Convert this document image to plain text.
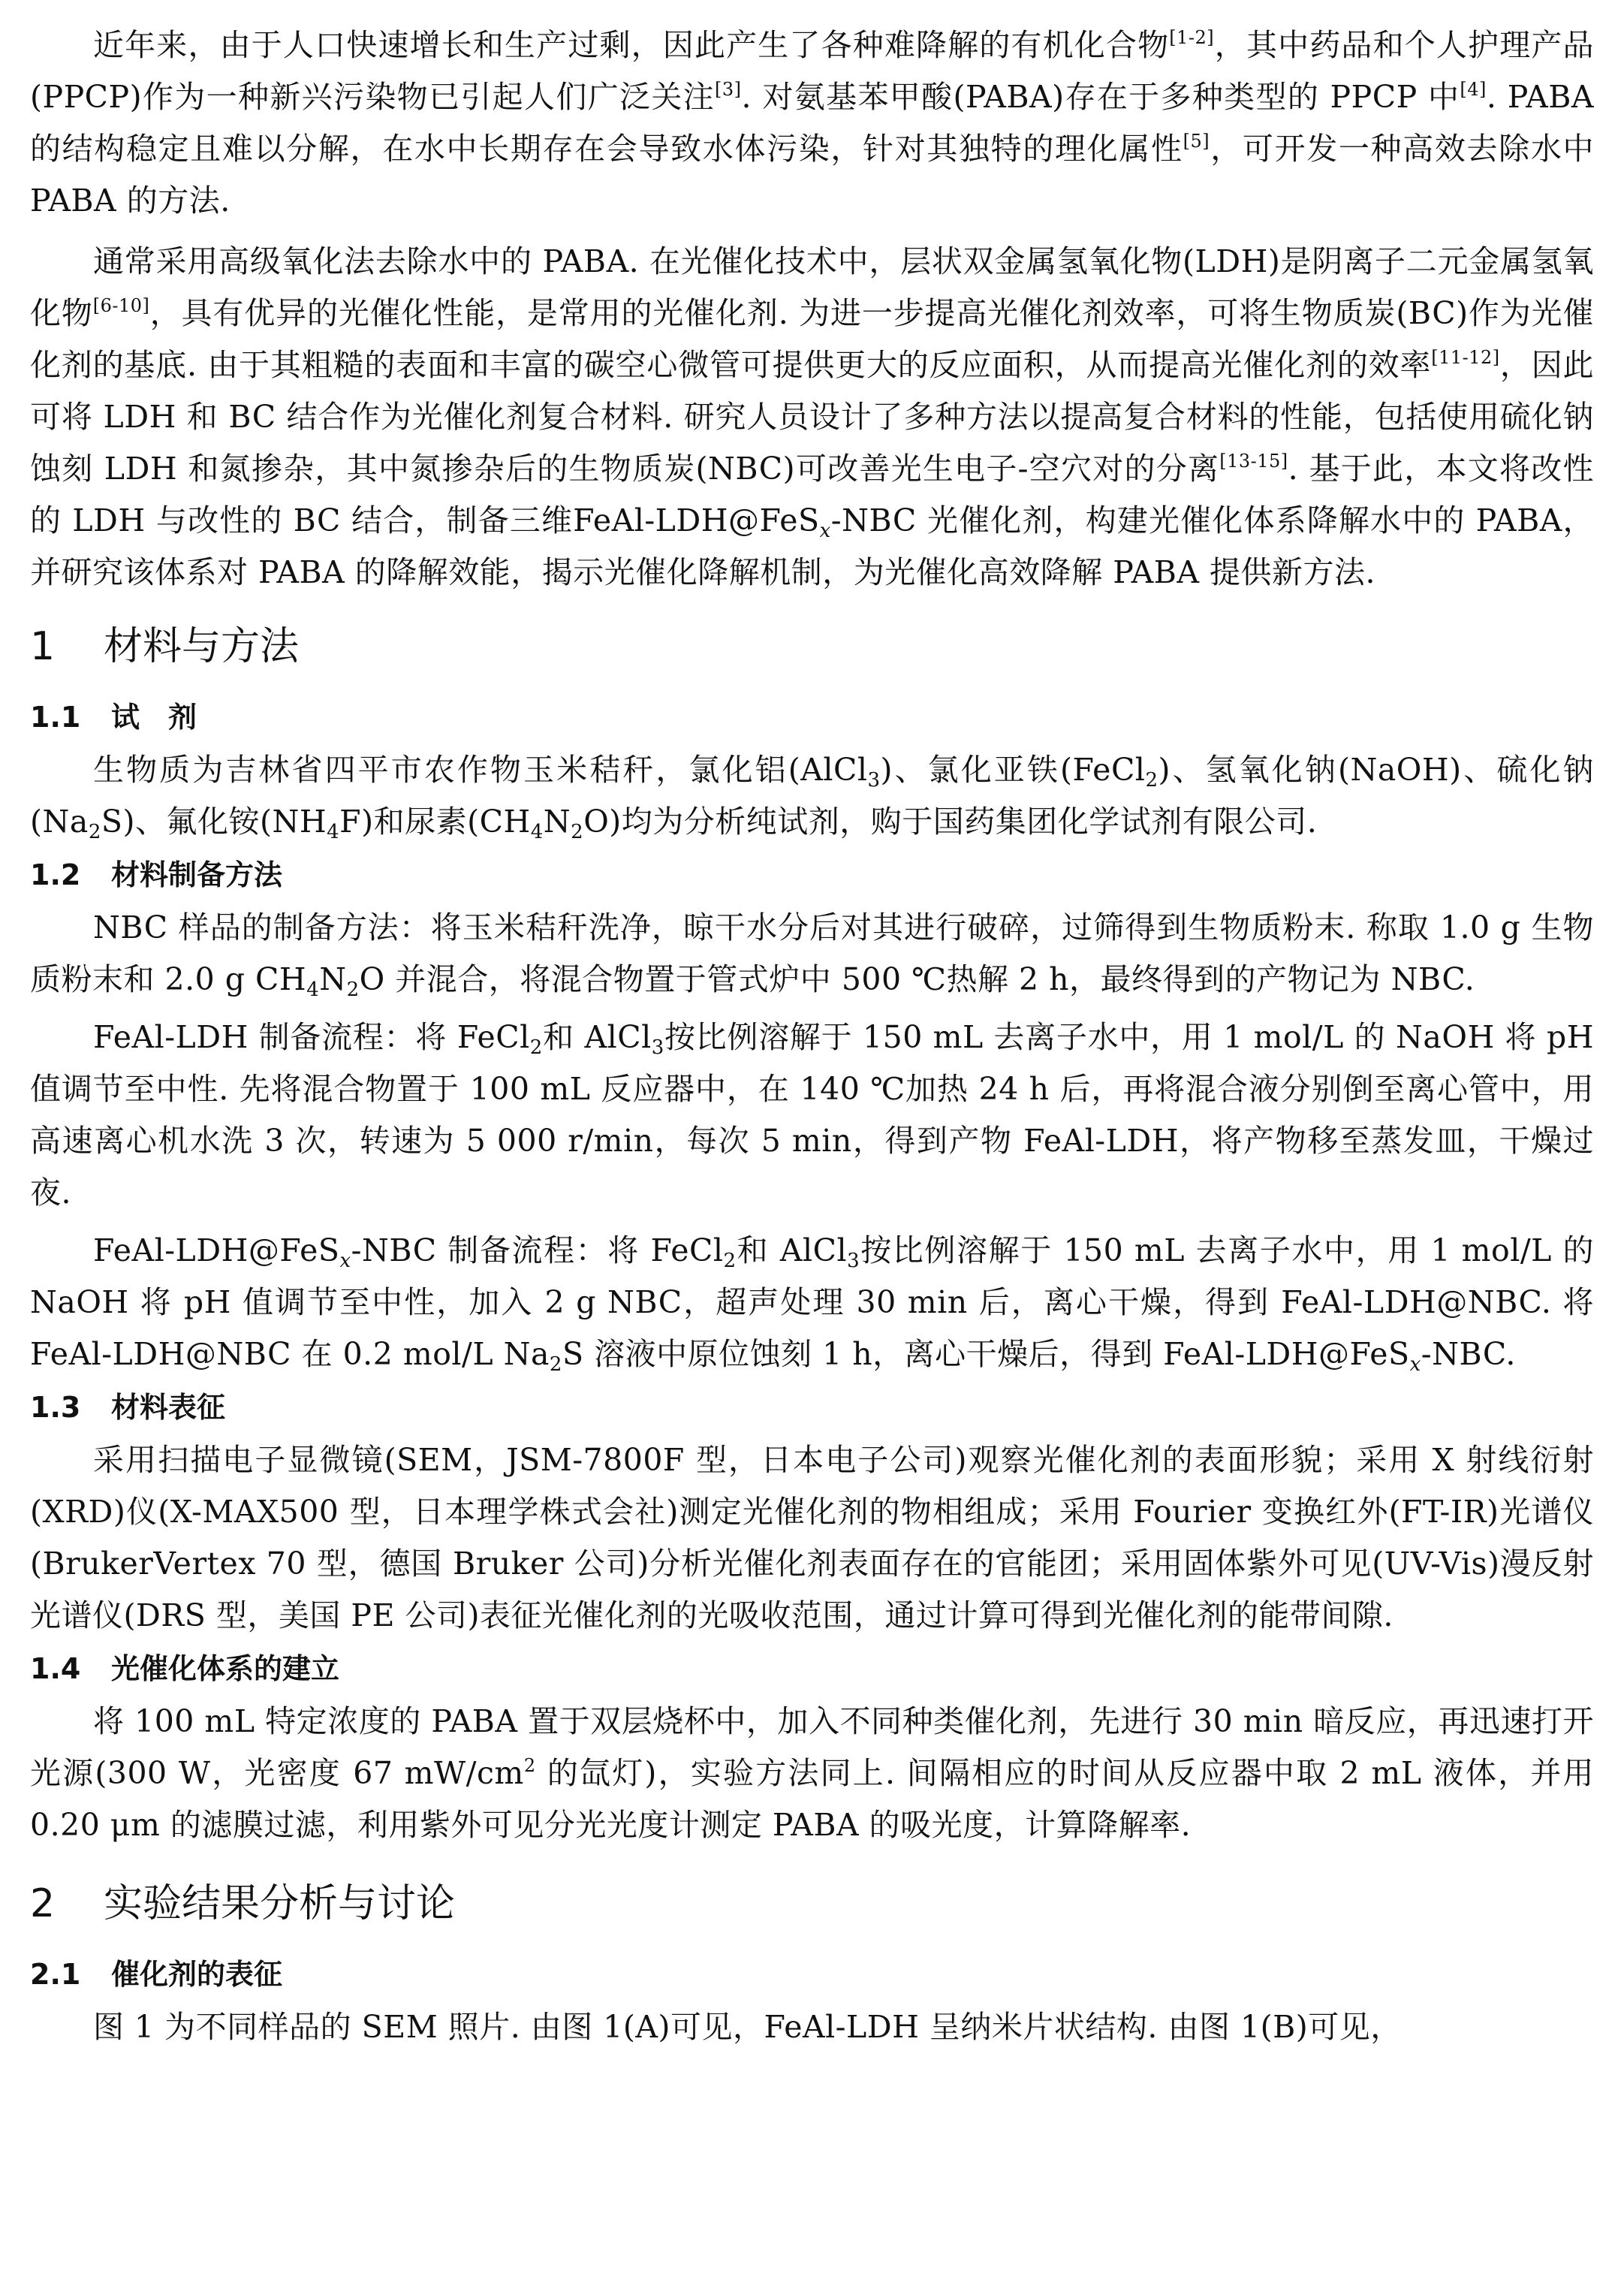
近年来，由于人口快速增长和生产过剩，因此产生了各种难降解的有机化合物[1-2]，其中药品和个人护理产品(PPCP)作为一种新兴污染物已引起人们广泛关注[3]. 对氨基苯甲酸(PABA)存在于多种类型的 PPCP 中[4]. PABA 的结构稳定且难以分解，在水中长期存在会导致水体污染，针对其独特的理化属性[5]，可开发一种高效去除水中 PABA 的方法.

通常采用高级氧化法去除水中的 PABA. 在光催化技术中，层状双金属氢氧化物(LDH)是阴离子二元金属氢氧化物[6-10]，具有优异的光催化性能，是常用的光催化剂. 为进一步提高光催化剂效率，可将生物质炭(BC)作为光催化剂的基底. 由于其粗糙的表面和丰富的碳空心微管可提供更大的反应面积，从而提高光催化剂的效率[11-12]，因此可将 LDH 和 BC 结合作为光催化剂复合材料. 研究人员设计了多种方法以提高复合材料的性能，包括使用硫化钠蚀刻 LDH 和氮掺杂，其中氮掺杂后的生物质炭(NBC)可改善光生电子-空穴对的分离[13-15]. 基于此，本文将改性的 LDH 与改性的 BC 结合，制备三维FeAl-LDH@FeSx-NBC 光催化剂，构建光催化体系降解水中的 PABA，并研究该体系对 PABA 的降解效能，揭示光催化降解机制，为光催化高效降解 PABA 提供新方法.

1 材料与方法
1.1 试　剂

生物质为吉林省四平市农作物玉米秸秆，氯化铝(AlCl3)、氯化亚铁(FeCl2)、氢氧化钠(NaOH)、硫化钠(Na2S)、氟化铵(NH4F)和尿素(CH4N2O)均为分析纯试剂，购于国药集团化学试剂有限公司.

1.2 材料制备方法

NBC 样品的制备方法：将玉米秸秆洗净，晾干水分后对其进行破碎，过筛得到生物质粉末. 称取 1.0 g 生物质粉末和 2.0 g CH4N2O 并混合，将混合物置于管式炉中 500 ℃热解 2 h，最终得到的产物记为 NBC.

FeAl-LDH 制备流程：将 FeCl2和 AlCl3按比例溶解于 150 mL 去离子水中，用 1 mol/L 的 NaOH 将 pH 值调节至中性. 先将混合物置于 100 mL 反应器中，在 140 ℃加热 24 h 后，再将混合液分别倒至离心管中，用高速离心机水洗 3 次，转速为 5 000 r/min，每次 5 min，得到产物 FeAl-LDH，将产物移至蒸发皿，干燥过夜.

FeAl-LDH@FeSx-NBC 制备流程：将 FeCl2和 AlCl3按比例溶解于 150 mL 去离子水中，用 1 mol/L 的 NaOH 将 pH 值调节至中性，加入 2 g NBC，超声处理 30 min 后，离心干燥，得到 FeAl-LDH@NBC. 将 FeAl-LDH@NBC 在 0.2 mol/L Na2S 溶液中原位蚀刻 1 h，离心干燥后，得到 FeAl-LDH@FeSx-NBC.

1.3 材料表征

采用扫描电子显微镜(SEM，JSM-7800F 型，日本电子公司)观察光催化剂的表面形貌；采用 X 射线衍射(XRD)仪(X-MAX500 型，日本理学株式会社)测定光催化剂的物相组成；采用 Fourier 变换红外(FT-IR)光谱仪(BrukerVertex 70 型，德国 Bruker 公司)分析光催化剂表面存在的官能团；采用固体紫外可见(UV-Vis)漫反射光谱仪(DRS 型，美国 PE 公司)表征光催化剂的光吸收范围，通过计算可得到光催化剂的能带间隙.

1.4 光催化体系的建立

将 100 mL 特定浓度的 PABA 置于双层烧杯中，加入不同种类催化剂，先进行 30 min 暗反应，再迅速打开光源(300 W，光密度 67 $mW/cm^2$ 的氙灯)，实验方法同上. 间隔相应的时间从反应器中取 2 mL 液体，并用 0.20 μm 的滤膜过滤，利用紫外可见分光光度计测定 PABA 的吸光度，计算降解率.

2 实验结果分析与讨论
2.1 催化剂的表征

图 1 为不同样品的 SEM 照片. 由图 1(A)可见，FeAl-LDH 呈纳米片状结构. 由图 1(B)可见，
